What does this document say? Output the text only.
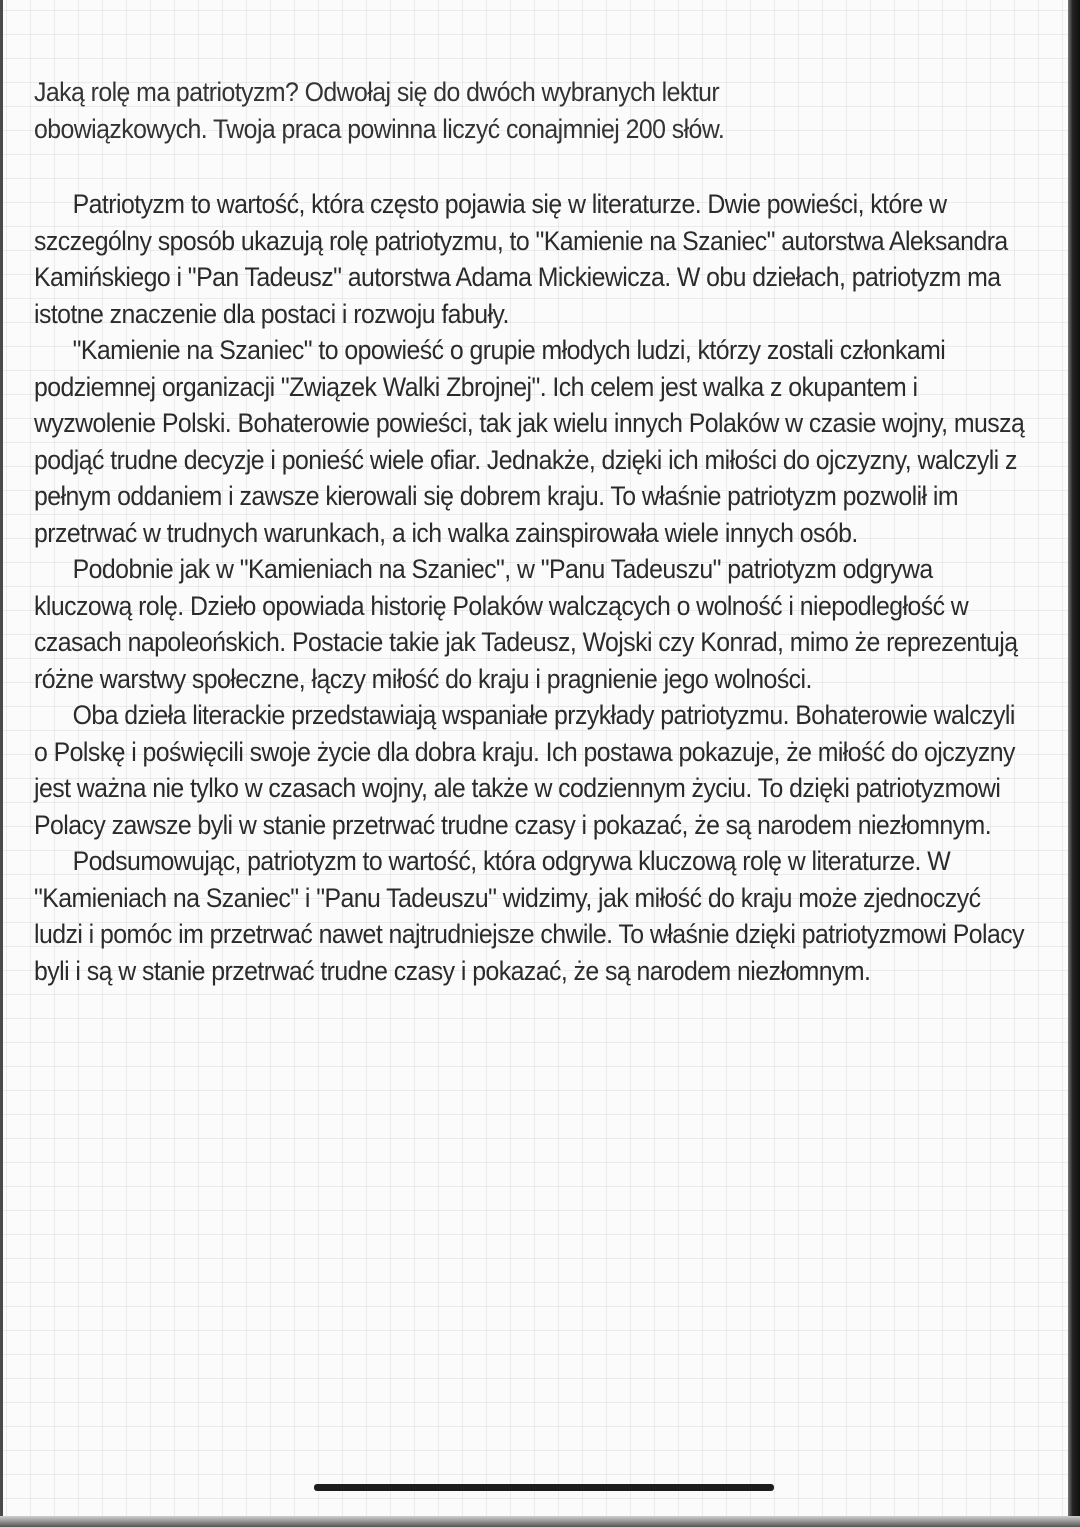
Jaką rolę ma patriotyzm? Odwołaj się do dwóch wybranych lektur
obowiązkowych. Twoja praca powinna liczyć conajmniej 200 słów.

Patriotyzm to wartość, która często pojawia się w literaturze. Dwie powieści, które w szczególny sposób ukazują rolę patriotyzmu, to "Kamienie na Szaniec" autorstwa Aleksandra Kamińskiego i "Pan Tadeusz" autorstwa Adama Mickiewicza. W obu dziełach, patriotyzm ma istotne znaczenie dla postaci i rozwoju fabuły.

"Kamienie na Szaniec" to opowieść o grupie młodych ludzi, którzy zostali członkami podziemnej organizacji "Związek Walki Zbrojnej". Ich celem jest walka z okupantem i wyzwolenie Polski. Bohaterowie powieści, tak jak wielu innych Polaków w czasie wojny, muszą podjąć trudne decyzje i ponieść wiele ofiar. Jednakże, dzięki ich miłości do ojczyzny, walczyli z pełnym oddaniem i zawsze kierowali się dobrem kraju. To właśnie patriotyzm pozwolił im przetrwać w trudnych warunkach, a ich walka zainspirowała wiele innych osób.

Podobnie jak w "Kamieniach na Szaniec", w "Panu Tadeuszu" patriotyzm odgrywa kluczową rolę. Dzieło opowiada historię Polaków walczących o wolność i niepodległość w czasach napoleońskich. Postacie takie jak Tadeusz, Wojski czy Konrad, mimo że reprezentują różne warstwy społeczne, łączy miłość do kraju i pragnienie jego wolności.

Oba dzieła literackie przedstawiają wspaniałe przykłady patriotyzmu. Bohaterowie walczyli o Polskę i poświęcili swoje życie dla dobra kraju. Ich postawa pokazuje, że miłość do ojczyzny jest ważna nie tylko w czasach wojny, ale także w codziennym życiu. To dzięki patriotyzmowi Polacy zawsze byli w stanie przetrwać trudne czasy i pokazać, że są narodem niezłomnym.

Podsumowując, patriotyzm to wartość, która odgrywa kluczową rolę w literaturze. W "Kamieniach na Szaniec" i "Panu Tadeuszu" widzimy, jak miłość do kraju może zjednoczyć ludzi i pomóc im przetrwać nawet najtrudniejsze chwile. To właśnie dzięki patriotyzmowi Polacy byli i są w stanie przetrwać trudne czasy i pokazać, że są narodem niezłomnym.
